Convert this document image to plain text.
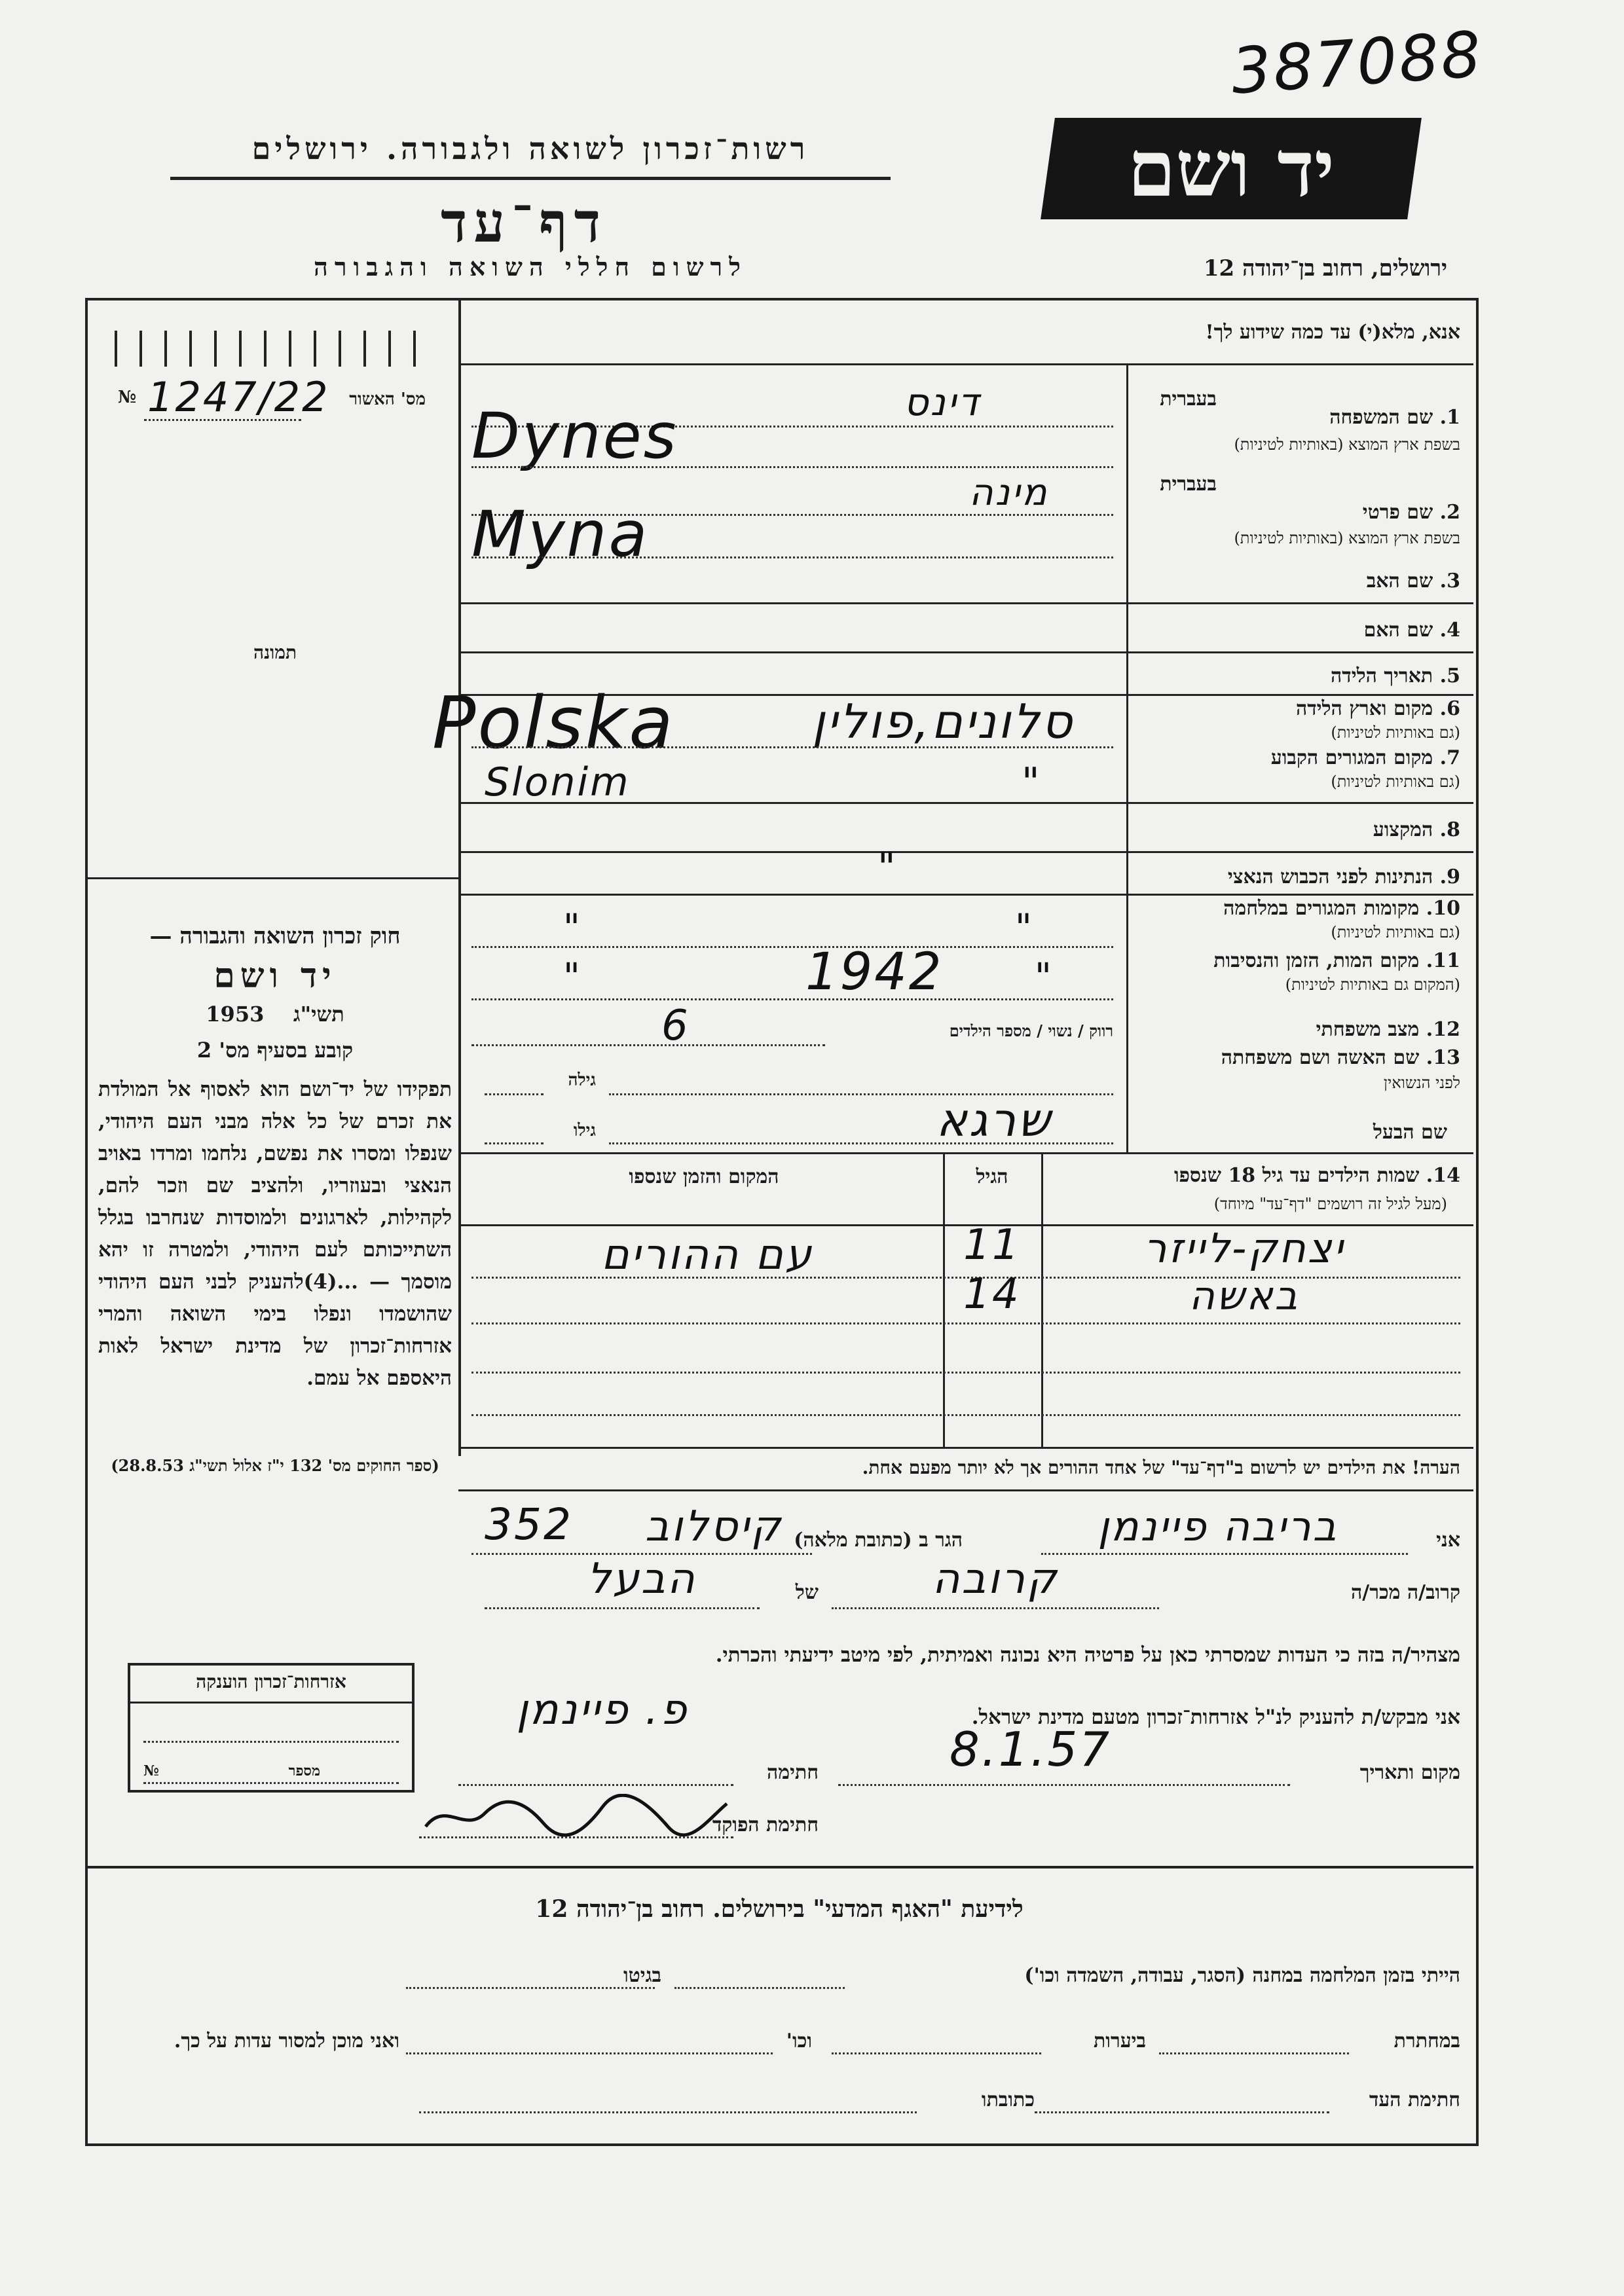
387088
יד ושם
רשות־זכרון לשואה ולגבורה. ירושלים
דף־עד
לרשום חללי השואה והגבורה	ירושלים, רחוב בן־יהודה 12
מס' האשור
№ 1247/22
תמונה
חוק זכרון השואה והגבורה —
יד ושם
תשי"ג    1953
קובע בסעיף מס' 2
תפקידו של יד־ושם הוא לאסוף אל המולדת את זכרם של כל אלה מבני העם היהודי, שנפלו ומסרו את נפשם, נלחמו ומרדו באויב הנאצי ובעוזריו, ולהציב שם וזכר להם, לקהילות, לארגונים ולמוסדות שנחרבו בגלל השתייכותם לעם היהודי, ולמטרה זו יהא מוסמך — ...(4)להעניק לבני העם היהודי שהושמדו ונפלו בימי השואה והמרי אזרחות־זכרון של מדינת ישראל לאות היאספם אל עמם.
(ספר החוקים מס' 132 י"ז אלול תשי"ג 28.8.53)
אנא, מלא(י) עד כמה שידוע לך!
בעברית
1. שם המשפחה
בשפת ארץ המוצא (באותיות לטיניות)
דינס
Dynes
בעברית
2. שם פרטי
בשפת ארץ המוצא (באותיות לטיניות)
מינה
Myna
3. שם האב
4. שם האם
5. תאריך הלידה
6. מקום וארץ הלידה
(גם באותיות לטיניות)
סלונים,פולין
Polska	7. מקום המגורים הקבוע
(גם באותיות לטיניות)
"
Slonim
8. המקצוע
9. הנתינות לפני הכבוש הנאצי
"
10. מקומות המגורים במלחמה
(גם באותיות לטיניות)
"
"
11. מקום המות, הזמן והנסיבות
(המקום גם באותיות לטיניות)
"
1942
"
12. מצב משפחתי
רווק / נשוי / מספר הילדים
6
13. שם האשה ושם משפחתה
לפני הנשואין
גילה
שם הבעל
שרגא
גילו
14. שמות הילדים עד גיל 18 שנספו
(מעל לגיל זה רושמים "דף־עד" מיוחד)
הגיל
המקום והזמן שנספו
יצחק-לייזר
11
עם ההורים
באשה
14
הערה! את הילדים יש לרשום ב"דף־עד" של אחד ההורים אך לא יותר מפעם אחת.
אני
בריבה פיינמן
הגר ב (כתובת מלאה)
קיסלוב
352
קרוב/ה מכר/ה
קרובה
של
הבעל
מצהיר/ה בזה כי העדות שמסרתי כאן על פרטיה היא נכונה ואמיתית, לפי מיטב ידיעתי והכרתי.
אזרחות־זכרון הוענקה
מספר
№
אני מבקש/ת להעניק לנ"ל אזרחות־זכרון מטעם מדינת ישראל.
פ. פיינמן
מקום ותאריך
8.1.57
חתימה
חתימת הפוקד
לידיעת "האגף המדעי" בירושלים. רחוב בן־יהודה 12
הייתי בזמן המלחמה במחנה (הסגר, עבודה, השמדה וכו')
בגיטו
במחתרת
ביערות
וכו'
ואני מוכן למסור עדות על כך.
חתימת העד
כתובתו
